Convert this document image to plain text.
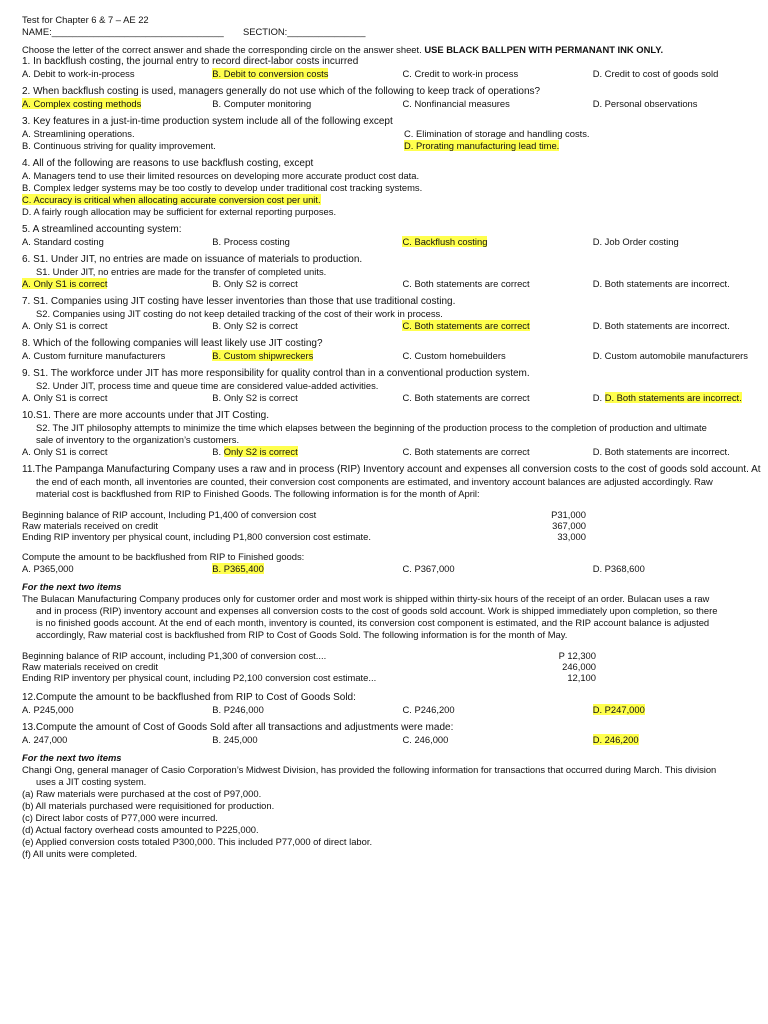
Test for Chapter 6 & 7 – AE 22
NAME:_________________________________ SECTION:_______________
Choose the letter of the correct answer and shade the corresponding circle on the answer sheet. USE BLACK BALLPEN WITH PERMANANT INK ONLY.
1. In backflush costing, the journal entry to record direct-labor costs incurred
A. Debit to work-in-process	B. Debit to conversion costs	C. Credit to work-in process	D. Credit to cost of goods sold
2. When backflush costing is used, managers generally do not use which of the following to keep track of operations?
A. Complex costing methods	B. Computer monitoring	C. Nonfinancial measures	D. Personal observations
3. Key features in a just-in-time production system include all of the following except
A. Streamlining operations.	C. Elimination of storage and handling costs.
B. Continuous striving for quality improvement.	D. Prorating manufacturing lead time.
4. All of the following are reasons to use backflush costing, except
A. Managers tend to use their limited resources on developing more accurate product cost data.
B. Complex ledger systems may be too costly to develop under traditional cost tracking systems.
C. Accuracy is critical when allocating accurate conversion cost per unit.
D. A fairly rough allocation may be sufficient for external reporting purposes.
5. A streamlined accounting system:
A. Standard costing	B. Process costing	C. Backflush costing	D. Job Order costing
6. S1. Under JIT, no entries are made on issuance of materials to production.
S1. Under JIT, no entries are made for the transfer of completed units.
A. Only S1 is correct	B. Only S2 is correct	C. Both statements are correct	D. Both statements are incorrect.
7. S1. Companies using JIT costing have lesser inventories than those that use traditional costing.
S2. Companies using JIT costing do not keep detailed tracking of the cost of their work in process.
A. Only S1 is correct	B. Only S2 is correct	C. Both statements are correct	D. Both statements are incorrect.
8. Which of the following companies will least likely use JIT costing?
A. Custom furniture manufacturers	B. Custom shipwreckers	C. Custom homebuilders	D. Custom automobile manufacturers
9. S1. The workforce under JIT has more responsibility for quality control than in a conventional production system.
S2. Under JIT, process time and queue time are considered value-added activities.
A. Only S1 is correct	B. Only S2 is correct	C. Both statements are correct	D. D. Both statements are incorrect.
10.S1. There are more accounts under that JIT Costing.
S2. The JIT philosophy attempts to minimize the time which elapses between the beginning of the production process to the completion of production and ultimate
sale of inventory to the organization’s customers.
A. Only S1 is correct	B. Only S2 is correct	C. Both statements are correct	D. Both statements are incorrect.
11.The Pampanga Manufacturing Company uses a raw and in process (RIP) Inventory account and expenses all conversion costs to the cost of goods sold account. At
the end of each month, all inventories are counted, their conversion cost components are estimated, and inventory account balances are adjusted accordingly. Raw
material cost is backflushed from RIP to Finished Goods. The following information is for the month of April:
Beginning balance of RIP account, Including P1,400 of conversion cost	P31,000
Raw materials received on credit	367,000
Ending RIP inventory per physical count, including P1,800 conversion cost estimate.	33,000
Compute the amount to be backflushed from RIP to Finished goods:
A. P365,000	B. P365,400	C. P367,000	D. P368,600
For the next two items
The Bulacan Manufacturing Company produces only for customer order and most work is shipped within thirty-six hours of the receipt of an order. Bulacan uses a raw
and in process (RIP) inventory account and expenses all conversion costs to the cost of goods sold account. Work is shipped immediately upon completion, so there
is no finished goods account. At the end of each month, inventory is counted, its conversion cost component is estimated, and the RIP account balance is adjusted
accordingly, Raw material cost is backflushed from RIP to Cost of Goods Sold. The following information is for the month of May.
Beginning balance of RIP account, including P1,300 of conversion cost....	P 12,300
Raw materials received on credit	246,000
Ending RIP inventory per physical count, including P2,100 conversion cost estimate...	12,100
12.Compute the amount to be backflushed from RIP to Cost of Goods Sold:
A. P245,000	B. P246,000	C. P246,200	D. P247,000
13.Compute the amount of Cost of Goods Sold after all transactions and adjustments were made:
A. 247,000	B. 245,000	C. 246,000	D. 246,200
For the next two items
Changi Ong, general manager of Casio Corporation’s Midwest Division, has provided the following information for transactions that occurred during March. This division
uses a JIT costing system.
(a) Raw materials were purchased at the cost of P97,000.
(b) All materials purchased were requisitioned for production.
(c) Direct labor costs of P77,000 were incurred.
(d) Actual factory overhead costs amounted to P225,000.
(e) Applied conversion costs totaled P300,000. This included P77,000 of direct labor.
(f) All units were completed.
